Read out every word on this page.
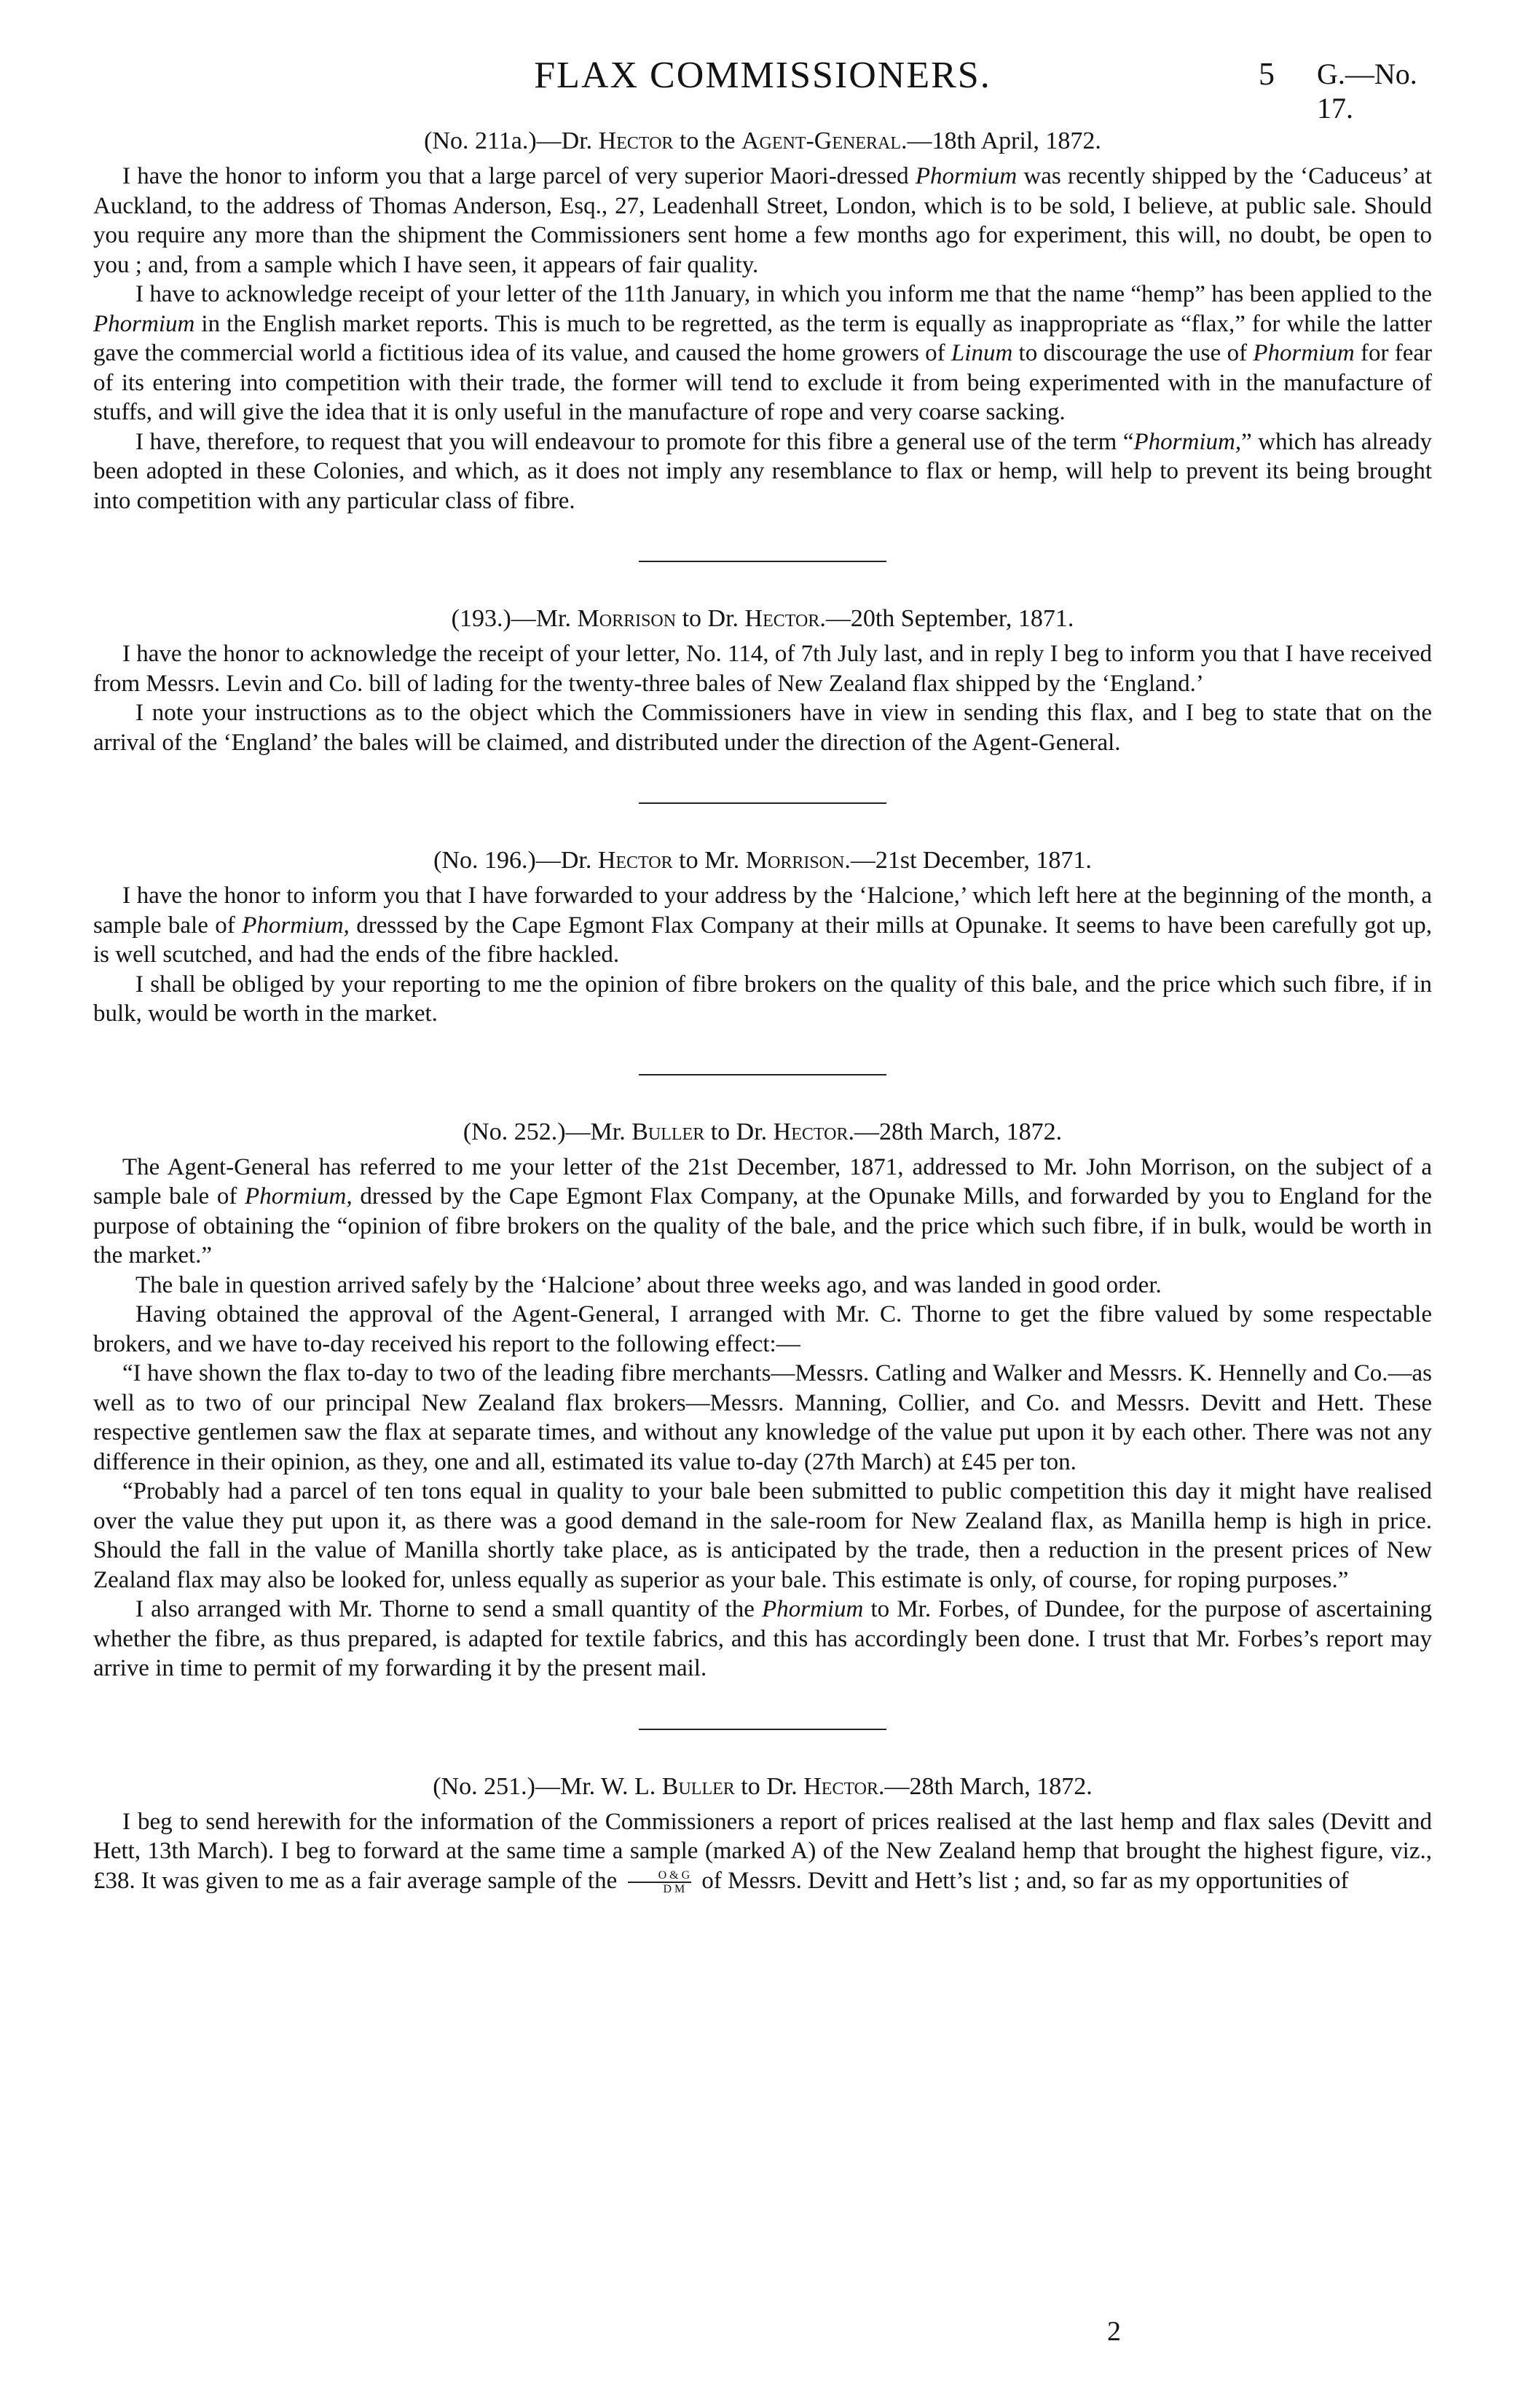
FLAX COMMISSIONERS.	5 G.—No. 17.
(No. 211a.)—Dr. Hector to the Agent-General.—18th April, 1872.

I have the honor to inform you that a large parcel of very superior Maori-dressed Phormium was recently shipped by the ‘Caduceus’ at Auckland, to the address of Thomas Anderson, Esq., 27, Leadenhall Street, London, which is to be sold, I believe, at public sale. Should you require any more than the shipment the Commissioners sent home a few months ago for experiment, this will, no doubt, be open to you ; and, from a sample which I have seen, it appears of fair quality.

I have to acknowledge receipt of your letter of the 11th January, in which you inform me that the name “hemp” has been applied to the Phormium in the English market reports. This is much to be regretted, as the term is equally as inappropriate as “flax,” for while the latter gave the commercial world a fictitious idea of its value, and caused the home growers of Linum to discourage the use of Phormium for fear of its entering into competition with their trade, the former will tend to exclude it from being experimented with in the manufacture of stuffs, and will give the idea that it is only useful in the manufacture of rope and very coarse sacking.

I have, therefore, to request that you will endeavour to promote for this fibre a general use of the term “Phormium,” which has already been adopted in these Colonies, and which, as it does not imply any resemblance to flax or hemp, will help to prevent its being brought into competition with any particular class of fibre.

(193.)—Mr. Morrison to Dr. Hector.—20th September, 1871.

I have the honor to acknowledge the receipt of your letter, No. 114, of 7th July last, and in reply I beg to inform you that I have received from Messrs. Levin and Co. bill of lading for the twenty-three bales of New Zealand flax shipped by the ‘England.’

I note your instructions as to the object which the Commissioners have in view in sending this flax, and I beg to state that on the arrival of the ‘England’ the bales will be claimed, and distributed under the direction of the Agent-General.

(No. 196.)—Dr. Hector to Mr. Morrison.—21st December, 1871.

I have the honor to inform you that I have forwarded to your address by the ‘Halcione,’ which left here at the beginning of the month, a sample bale of Phormium, dresssed by the Cape Egmont Flax Company at their mills at Opunake. It seems to have been carefully got up, is well scutched, and had the ends of the fibre hackled.

I shall be obliged by your reporting to me the opinion of fibre brokers on the quality of this bale, and the price which such fibre, if in bulk, would be worth in the market.

(No. 252.)—Mr. Buller to Dr. Hector.—28th March, 1872.

The Agent-General has referred to me your letter of the 21st December, 1871, addressed to Mr. John Morrison, on the subject of a sample bale of Phormium, dressed by the Cape Egmont Flax Company, at the Opunake Mills, and forwarded by you to England for the purpose of obtaining the “opinion of fibre brokers on the quality of the bale, and the price which such fibre, if in bulk, would be worth in the market.”

The bale in question arrived safely by the ‘Halcione’ about three weeks ago, and was landed in good order.

Having obtained the approval of the Agent-General, I arranged with Mr. C. Thorne to get the fibre valued by some respectable brokers, and we have to-day received his report to the following effect:—

“I have shown the flax to-day to two of the leading fibre merchants—Messrs. Catling and Walker and Messrs. K. Hennelly and Co.—as well as to two of our principal New Zealand flax brokers—Messrs. Manning, Collier, and Co. and Messrs. Devitt and Hett. These respective gentlemen saw the flax at separate times, and without any knowledge of the value put upon it by each other. There was not any difference in their opinion, as they, one and all, estimated its value to-day (27th March) at £45 per ton.

“Probably had a parcel of ten tons equal in quality to your bale been submitted to public competition this day it might have realised over the value they put upon it, as there was a good demand in the sale-room for New Zealand flax, as Manilla hemp is high in price. Should the fall in the value of Manilla shortly take place, as is anticipated by the trade, then a reduction in the present prices of New Zealand flax may also be looked for, unless equally as superior as your bale. This estimate is only, of course, for roping purposes.”

I also arranged with Mr. Thorne to send a small quantity of the Phormium to Mr. Forbes, of Dundee, for the purpose of ascertaining whether the fibre, as thus prepared, is adapted for textile fabrics, and this has accordingly been done. I trust that Mr. Forbes’s report may arrive in time to permit of my forwarding it by the present mail.

(No. 251.)—Mr. W. L. Buller to Dr. Hector.—28th March, 1872.

I beg to send herewith for the information of the Commissioners a report of prices realised at the last hemp and flax sales (Devitt and Hett, 13th March). I beg to forward at the same time a sample (marked A) of the New Zealand hemp that brought the highest figure, viz., £38. It was given to me as a fair average sample of the $\frac{O \& G}{\text{D M}}$ of Messrs. Devitt and Hett’s list ; and, so far as my opportunities of

2
